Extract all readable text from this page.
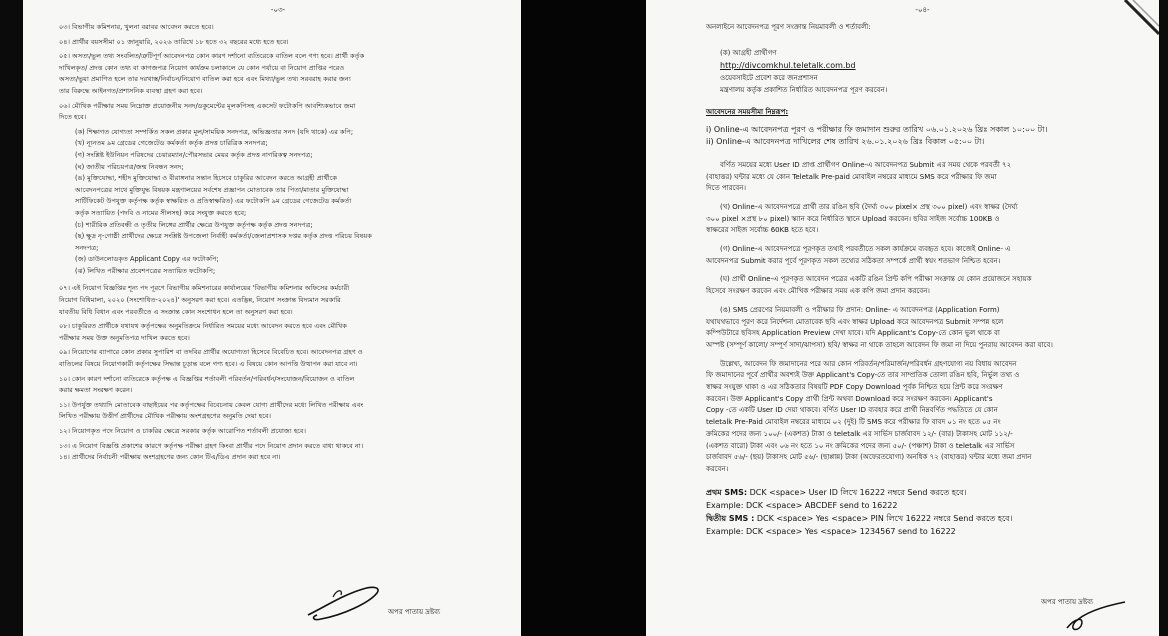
-০৩-
০৩। বিভাগীয় কমিশনার, খুলনা বরাবর আবেদন করতে হবে।
০৪। প্রার্থীর বয়সসীমা ০১ জানুয়ারি, ২০২৬ তারিখে ১৮ হতে ৩২ বছরের মধ্যে হতে হবে।
০৫। অসত্য/ভুল তথ্য সংবলিত/ত্রুটিপূর্ণ আবেদনপত্র কোন কারণ দর্শানো ব্যতিরেকে বাতিল বলে গণ্য হবে। প্রার্থী কর্তৃক
দাখিলকৃত/ প্রদত্ত কোন তথ্য বা কাগজপত্র নিয়োগ কার্যক্রম চলাকালে যে কোন পর্যায়ে বা নিয়োগ প্রাপ্তির পরেও
অসত্য/ভুয়া প্রমাণিত হলে তার দরখাস্ত/নির্বাচন/নিয়োগ বাতিল করা হবে এবং মিথ্যা/ভুল তথ্য সরবরাহ করার জন্য
তার বিরুদ্ধে আইনগত/প্রশাসনিক ব্যবস্থা গ্রহণ করা হবে।
০৬। মৌখিক পরীক্ষার সময় নিম্নোক্ত প্রয়োজনীয় সনদ/ডকুমেন্টের মূলকপিসহ একসেট ফটোকপি আবশ্যিকভাবে জমা
দিতে হবে।
(ক) শিক্ষাগত যোগ্যতা সম্পর্কিত সকল প্রকার মূল/সাময়িক সনদপত্র, অভিজ্ঞতার সনদ (যদি থাকে) এর কপি;
(খ) ন্যূনতম ৯ম গ্রেডের গেজেটেড কর্মকর্তা কর্তৃক প্রদত্ত চারিত্রিক সনদপত্র;
(গ) সংশ্লিষ্ট ইউনিয়ন পরিষদের চেয়ারম্যান/পৌরসভার মেয়র কর্তৃক প্রদত্ত নাগরিকত্ব সনদপত্র;
(ঘ) জাতীয় পরিচয়পত্র/জন্ম নিবন্ধন সনদ;
(ঙ) মুক্তিযোদ্ধা, শহীদ মুক্তিযোদ্ধা ও বীরাঙ্গনার সন্তান হিসেবে চাকুরির আবেদন করতে আগ্রহী প্রার্থীকে
আবেদনপত্রের সাথে মুক্তিযুদ্ধ বিষয়ক মন্ত্রণালয়ের সর্বশেষ প্রজ্ঞাপন মোতাবেক তার পিতা/মাতার মুক্তিযোদ্ধা
সার্টিফিকেট উপযুক্ত কর্তৃপক্ষ কর্তৃক স্বাক্ষরিত ও প্রতিস্বাক্ষরিত) এর ফটোকপি ৯ম গ্রেডের গেজেটেড কর্মকর্তা
কর্তৃক সত্যায়িত (পদবি ও নামের সীলসহ) করে সংযুক্ত করতে হবে;
(চ) শারীরিক প্রতিবন্ধী ও তৃতীয় লিঙ্গের প্রার্থীর ক্ষেত্রে উপযুক্ত কর্তৃপক্ষ কর্তৃক প্রদত্ত সনদপত্র;
(ছ) ক্ষুদ্র নৃ-গোষ্ঠী প্রার্থীদের ক্ষেত্রে সংশ্লিষ্ট উপজেলা নির্বাহী কর্মকর্তা/জেলাপ্রশাসক দপ্তর কর্তৃক প্রদত্ত পরিচয় বিষয়ক
সনদপত্র;
(জ) ডাউনলোডকৃত Applicant Copy এর ফটোকপি;
(ঝ) লিখিত পরীক্ষার প্রবেশপত্রের সত্যায়িত ফটোকপি;
০৭। এই নিয়োগ বিজ্ঞপ্তির শূন্য পদ পূরণে বিভাগীয় কমিশনারের কার্যালয়ের 'বিভাগীয় কমিশনার অফিসের কর্মচারী
নিয়োগ বিধিমালা, ২০২০ (সংশোধিত-২০২৪)' অনুসরণ করা হবে। এতদ্ভিন্ন, নিয়োগ সংক্রান্ত বিদ্যমান সরকারি
যাবতীয় বিধি বিধান এবং পরবর্তীতে এ সংক্রান্ত কোন সংশোধন হলে তা অনুসরণ করা হবে।
০৮। চাকুরিরত প্রার্থীকে যথাযথ কর্তৃপক্ষের অনুমতিক্রমে নির্ধারিত সময়ের মধ্যে আবেদন করতে হবে এবং মৌখিক
পরীক্ষার সময় উক্ত অনুমতিপত্র দাখিল করতে হবে।
০৯। নিয়োগের ব্যাপারে কোন প্রকার সুপারিশ বা তদবির প্রার্থীর অযোগ্যতা হিসেবে বিবেচিত হবে। আবেদনপত্র গ্রহণ ও
বাতিলের বিষয়ে নিয়োগকারী কর্তৃপক্ষের সিদ্ধান্ত চূড়ান্ত বলে গণ্য হবে। এ বিষয়ে কোন আপত্তি উত্থাপন করা যাবে না।
১০। কোন কারণ দর্শানো ব্যতিরেকে কর্তৃপক্ষ এ বিজ্ঞপ্তির শর্তাবলী পরিবর্তন/পরিবর্ধন/সংযোজন/বিয়োজন ও বাতিল
করার ক্ষমতা সংরক্ষণ করেন।
১১। উপর্যুক্ত তথ্যাদি মোতাবেক বাছাইয়ের পর কর্তৃপক্ষের বিবেচনায় কেবল যোগ্য প্রার্থীদের মধ্যে লিখিত পরীক্ষায় এবং
লিখিত পরীক্ষায় উত্তীর্ণ প্রার্থীদের মৌখিক পরীক্ষায় অংশগ্রহণের অনুমতি দেয়া হবে।
১২। নিয়োগকৃত পদে নিয়োগ ও চাকরির ক্ষেত্রে সরকার কর্তৃক আরোপিত শর্তাবলী প্রযোজ্য হবে।
১৩। এ নিয়োগ বিজ্ঞপ্তি প্রকাশের কারণে কর্তৃপক্ষ পরীক্ষা গ্রহণ কিংবা প্রার্থীর পদে নিয়োগ প্রদান করতে বাধ্য থাকবে না।
১৪। প্রার্থীদের নির্বাচনী পরীক্ষায় অংশগ্রহণের জন্য কোন টিএ/ডিএ প্রদান করা হবে না।
অপর পাতায় দ্রষ্টব্য
-০৪-
অনলাইনে আবেদনপত্র পূরণ সংক্রান্ত নিয়মাবলী ও শর্তাবলী:

(ক) আগ্রহী প্রার্থীগণ
http://divcomkhul.teletalk.com.bd
ওয়েবসাইটে প্রবেশ করে জনপ্রশাসন
মন্ত্রণালয় কর্তৃক প্রকাশিত নির্ধারিত আবেদনপত্র পূরণ করবেন।

আবেদনের সময়সীমা নিম্নরূপ:
i) Online-এ আবেদনপত্র পূরণ ও পরীক্ষার ফি জমাদান শুরুর তারিখ ০৬.০১.২০২৬ খ্রিঃ সকাল ১০:০০ টা।
ii) Online-এ আবেদনপত্র দাখিলের শেষ তারিখ ২৬.০১.২০২৬ খ্রিঃ বিকাল ০৫:০০ টা।
বর্ণিত সময়ের মধ্যে User ID প্রাপ্ত প্রার্থীগণ Online-এ আবেদনপত্র Submit এর সময় থেকে পরবর্তী ৭২
(বাহাত্তর) ঘন্টার মধ্যে যে কোন Teletalk Pre-paid মোবাইল নম্বরের মাধ্যমে SMS করে পরীক্ষার ফি জমা
দিতে পারবেন।
(খ) Online-এ আবেদনপত্রে প্রার্থী তার রঙিন ছবি (দৈর্ঘ্য ৩০০ pixel× প্রস্থ ৩০০ pixel) এবং স্বাক্ষর (দৈর্ঘ্য
৩০০ pixel ×প্রস্থ ৮০ pixel) স্ক্যান করে নির্ধারিত স্থানে Upload করবেন। ছবির সাইজ সর্বোচ্চ 100KB ও
স্বাক্ষরের সাইজ সর্বোচ্চ 60KB হতে হবে।
(গ) Online-এ আবেদনপত্রে পূরণকৃত তথ্যই পরবর্তীতে সকল কার্যক্রমে ব্যবহৃত হবে। কাজেই Online- এ
আবেদনপত্র Submit করার পূর্বে পূরণকৃত সকল তথ্যের সঠিকতা সম্পর্কে প্রার্থী স্বয়ং শতভাগ নিশ্চিত হবেন।
(ঘ) প্রার্থী Online-এ পূরণকৃত আবেদন পত্রের একটি রঙিন প্রিন্ট কপি পরীক্ষা সংক্রান্ত যে কোন প্রয়োজনে সহায়ক
হিসেবে সংরক্ষণ করবেন এবং মৌখিক পরীক্ষার সময় এক কপি জমা প্রদান করবেন।
(ঙ) SMS প্রেরণের নিয়মাবলী ও পরীক্ষার ফি প্রদান: Online- এ আবেদনপত্র (Application Form)
যথাযথভাবে পূরণ করে নির্দেশনা মোতাবেক ছবি এবং স্বাক্ষর Upload করে আবেদনপত্র Submit সম্পন্ন হলে
কম্পিউটারে ছবিসহ Application Preview দেখা যাবে। যদি Applicant's Copy-তে কোন ভুল থাকে বা
অস্পষ্ট (সম্পূর্ণ কালো/ সম্পূর্ণ সাদা/ঝাপসা) ছবি/ স্বাক্ষর না থাকে তাহলে আবেদন ফি জমা না দিয়ে পুনরায় আবেদন করা যাবে।
উল্লেখ্য, আবেদন ফি জমাদানের পরে আর কোন পরিবর্তন/পরিমার্জন/পরিবর্ধন গ্রহণযোগ্য নয় বিধায় আবেদন
ফি জমাদানের পূর্বে প্রার্থীর অবশ্যই উক্ত Applicant's Copy-তে তার সাম্প্রতিক তোলা রঙিন ছবি, নির্ভুল তথ্য ও
স্বাক্ষর সংযুক্ত থাকা ও এর সঠিকতার বিষয়টি PDF Copy Download পূর্বক নিশ্চিত হয়ে প্রিন্ট করে সংরক্ষণ
করবেন। উক্ত Applicant's Copy প্রার্থী প্রিন্ট অথবা Download করে সংরক্ষণ করবেন। Applicant's
Copy -তে একটি User ID দেয়া থাকবে। বর্ণিত User ID ব্যবহার করে প্রার্থী নিম্নবর্ণিত পদ্ধতিতে যে কোন
teletalk Pre-Paid মোবাইল নম্বরের মাধ্যমে ০২ (দুই) টি SMS করে পরীক্ষার ফি বাবদ ০১ নং হতে ০৫ নং
ক্রমিকের পদের জন্য ১০০/- (একশত) টাকা ও teletalk এর সার্ভিস চার্জবাবদ ১২/- (বার) টাকাসহ মোট ১১২/-
(একশত বারো) টাকা এবং ০৬ নং হতে ১০ নং ক্রমিকের পদের জন্য ৫০/- (পঞ্চাশ) টাকা ও teletalk এর সার্ভিস
চার্জবাবদ ৫৬/- (ছয়) টাকাসহ মোট ৫৬/- (ছাপ্পান্ন) টাকা (অফেরতযোগ্য) অনধিক ৭২ (বাহাত্তর) ঘন্টার মধ্যে জমা প্রদান
করবেন।
প্রথম SMS: DCK <space> User ID লিখে 16222 নম্বরে Send করতে হবে।
Example: DCK <space> ABCDEF send to 16222
দ্বিতীয় SMS : DCK <space> Yes <space> PIN লিখে 16222 নম্বরে Send করতে হবে।
Example: DCK <space> Yes <space> 1234567 send to 16222
অপর পাতায় দ্রষ্টব্য
